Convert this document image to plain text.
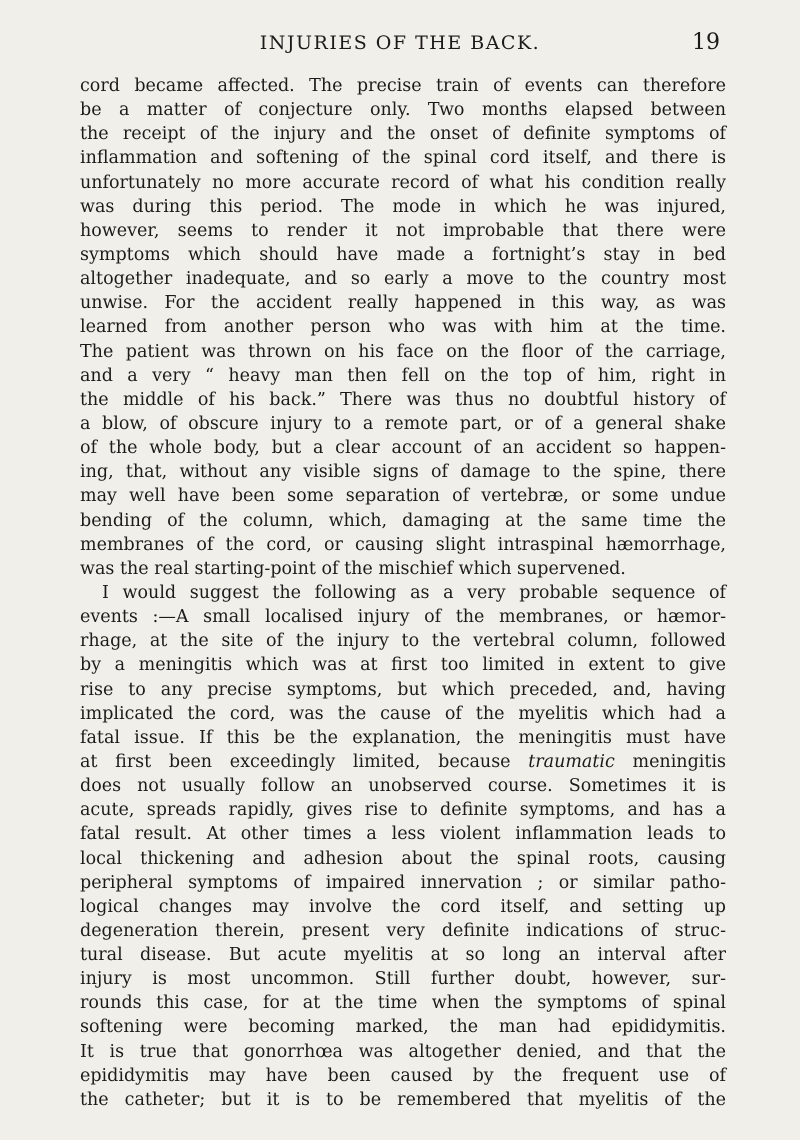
INJURIES OF THE BACK.	19
cord became affected. The precise train of events can therefore
be a matter of conjecture only. Two months elapsed between
the receipt of the injury and the onset of definite symptoms of
inflammation and softening of the spinal cord itself, and there is
unfortunately no more accurate record of what his condition really
was during this period. The mode in which he was injured,
however, seems to render it not improbable that there were
symptoms which should have made a fortnight’s stay in bed
altogether inadequate, and so early a move to the country most
unwise. For the accident really happened in this way, as was
learned from another person who was with him at the time.
The patient was thrown on his face on the floor of the carriage,
and a very “ heavy man then fell on the top of him, right in
the middle of his back.” There was thus no doubtful history of
a blow, of obscure injury to a remote part, or of a general shake
of the whole body, but a clear account of an accident so happen-
ing, that, without any visible signs of damage to the spine, there
may well have been some separation of vertebræ, or some undue
bending of the column, which, damaging at the same time the
membranes of the cord, or causing slight intraspinal hæmorrhage,
was the real starting-point of the mischief which supervened.
I would suggest the following as a very probable sequence of
events :—A small localised injury of the membranes, or hæmor-
rhage, at the site of the injury to the vertebral column, followed
by a meningitis which was at first too limited in extent to give
rise to any precise symptoms, but which preceded, and, having
implicated the cord, was the cause of the myelitis which had a
fatal issue. If this be the explanation, the meningitis must have
at first been exceedingly limited, because traumatic meningitis
does not usually follow an unobserved course. Sometimes it is
acute, spreads rapidly, gives rise to definite symptoms, and has a
fatal result. At other times a less violent inflammation leads to
local thickening and adhesion about the spinal roots, causing
peripheral symptoms of impaired innervation ; or similar patho-
logical changes may involve the cord itself, and setting up
degeneration therein, present very definite indications of struc-
tural disease. But acute myelitis at so long an interval after
injury is most uncommon. Still further doubt, however, sur-
rounds this case, for at the time when the symptoms of spinal
softening were becoming marked, the man had epididymitis.
It is true that gonorrhœa was altogether denied, and that the
epididymitis may have been caused by the frequent use of
the catheter; but it is to be remembered that myelitis of the
